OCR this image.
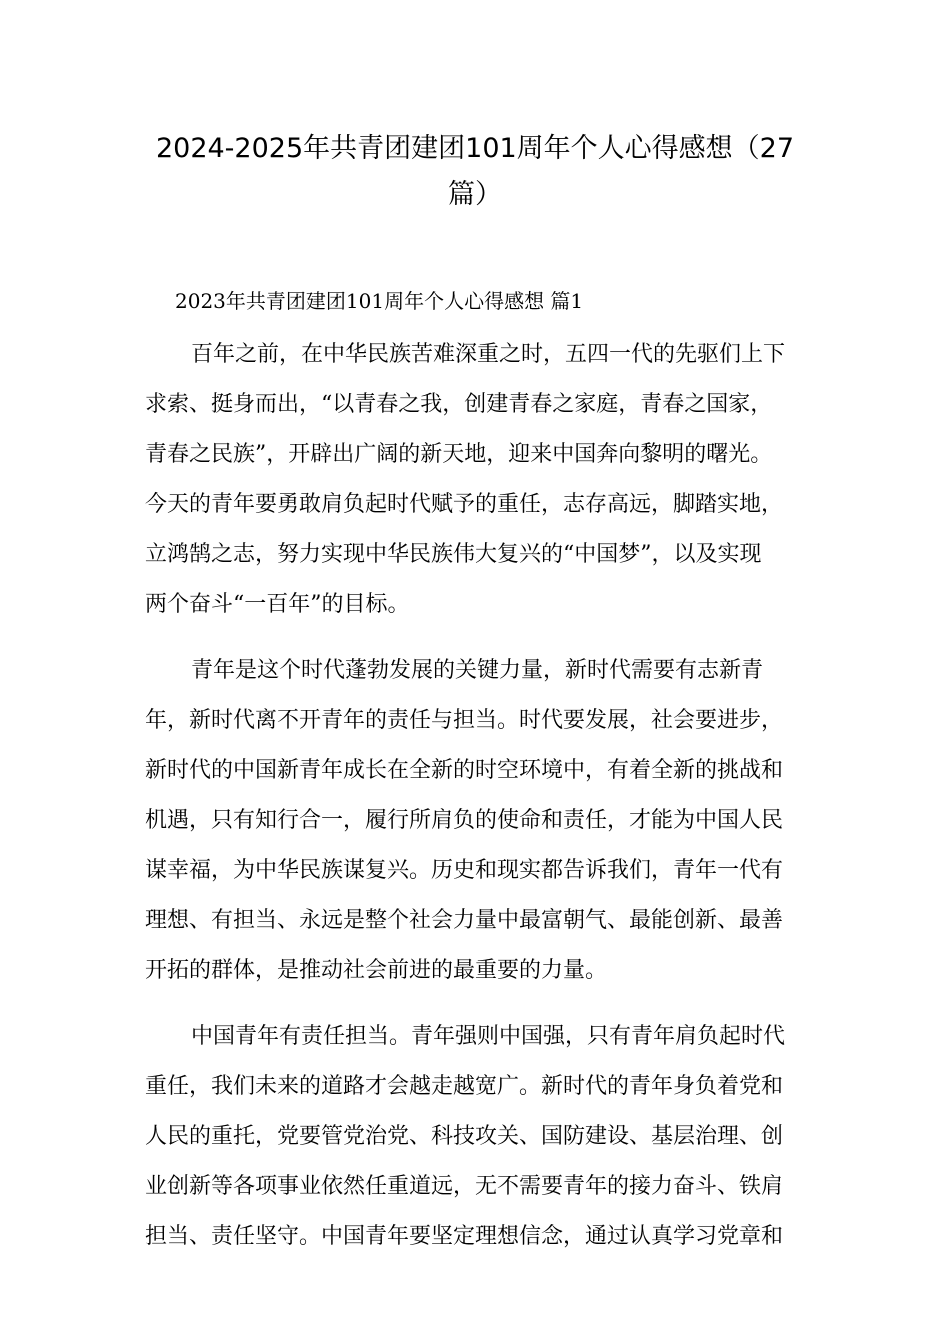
2024-2025年共青团建团101周年个人心得感想（27
篇）

2023年共青团建团101周年个人心得感想 篇1

百年之前，在中华民族苦难深重之时，五四一代的先驱们上下
求索、挺身而出，“以青春之我，创建青春之家庭，青春之国家，
青春之民族”，开辟出广阔的新天地，迎来中国奔向黎明的曙光。
今天的青年要勇敢肩负起时代赋予的重任，志存高远，脚踏实地，
立鸿鹄之志，努力实现中华民族伟大复兴的“中国梦”，以及实现
两个奋斗“一百年”的目标。
青年是这个时代蓬勃发展的关键力量，新时代需要有志新青
年，新时代离不开青年的责任与担当。时代要发展，社会要进步，
新时代的中国新青年成长在全新的时空环境中，有着全新的挑战和
机遇，只有知行合一，履行所肩负的使命和责任，才能为中国人民
谋幸福，为中华民族谋复兴。历史和现实都告诉我们，青年一代有
理想、有担当、永远是整个社会力量中最富朝气、最能创新、最善
开拓的群体，是推动社会前进的最重要的力量。
中国青年有责任担当。青年强则中国强，只有青年肩负起时代
重任，我们未来的道路才会越走越宽广。新时代的青年身负着党和
人民的重托，党要管党治党、科技攻关、国防建设、基层治理、创
业创新等各项事业依然任重道远，无不需要青年的接力奋斗、铁肩
担当、责任坚守。中国青年要坚定理想信念，通过认真学习党章和
